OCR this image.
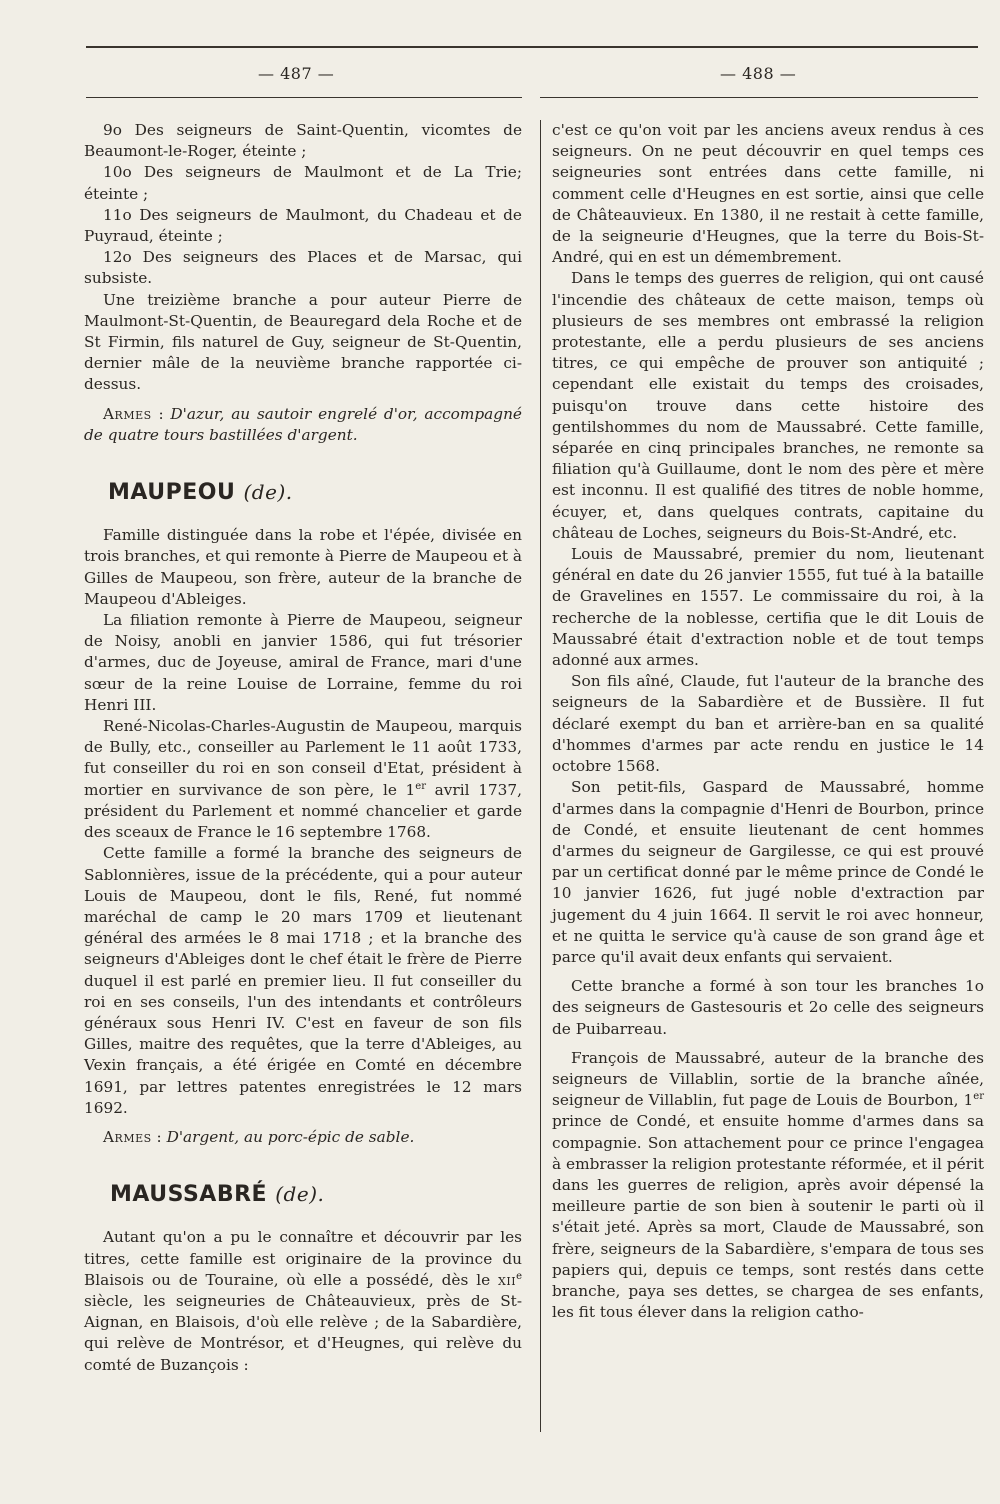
— 487 —	— 488 —

9o Des seigneurs de Saint-Quentin, vicomtes de Beaumont-le-Roger, éteinte ;

10o Des seigneurs de Maulmont et de La Trie; éteinte ;

11o Des seigneurs de Maulmont, du Chadeau et de Puyraud, éteinte ;

12o Des seigneurs des Places et de Marsac, qui subsiste.

Une treizième branche a pour auteur Pierre de Maulmont-St-Quentin, de Beauregard dela Roche et de St Firmin, fils naturel de Guy, seigneur de St-Quentin, dernier mâle de la neuvième branche rapportée ci-dessus.

Armes : D'azur, au sautoir engrelé d'or, accompagné de quatre tours bastillées d'argent.

MAUPEOU (de).

Famille distinguée dans la robe et l'épée, divisée en trois branches, et qui remonte à Pierre de Maupeou et à Gilles de Maupeou, son frère, auteur de la branche de Maupeou d'Ableiges.

La filiation remonte à Pierre de Maupeou, seigneur de Noisy, anobli en janvier 1586, qui fut trésorier d'armes, duc de Joyeuse, amiral de France, mari d'une sœur de la reine Louise de Lorraine, femme du roi Henri III.

René-Nicolas-Charles-Augustin de Maupeou, marquis de Bully, etc., conseiller au Parlement le 11 août 1733, fut conseiller du roi en son conseil d'Etat, président à mortier en survivance de son père, le 1er avril 1737, président du Parlement et nommé chancelier et garde des sceaux de France le 16 septembre 1768.

Cette famille a formé la branche des seigneurs de Sablonnières, issue de la précédente, qui a pour auteur Louis de Maupeou, dont le fils, René, fut nommé maréchal de camp le 20 mars 1709 et lieutenant général des armées le 8 mai 1718 ; et la branche des seigneurs d'Ableiges dont le chef était le frère de Pierre duquel il est parlé en premier lieu. Il fut conseiller du roi en ses conseils, l'un des intendants et contrôleurs généraux sous Henri IV. C'est en faveur de son fils Gilles, maitre des requêtes, que la terre d'Ableiges, au Vexin français, a été érigée en Comté en décembre 1691, par lettres patentes enregistrées le 12 mars 1692.

Armes : D'argent, au porc-épic de sable.

MAUSSABRÉ (de).

Autant qu'on a pu le connaître et découvrir par les titres, cette famille est originaire de la province du Blaisois ou de Touraine, où elle a possédé, dès le xii$^e$ siècle, les seigneuries de Châteauvieux, près de St-Aignan, en Blaisois, d'où elle relève ; de la Sabardière, qui relève de Montrésor, et d'Heugnes, qui relève du comté de Buzançois :

c'est ce qu'on voit par les anciens aveux rendus à ces seigneurs. On ne peut découvrir en quel temps ces seigneuries sont entrées dans cette famille, ni comment celle d'Heugnes en est sortie, ainsi que celle de Châteauvieux. En 1380, il ne restait à cette famille, de la seigneurie d'Heugnes, que la terre du Bois-St-André, qui en est un démembrement.

Dans le temps des guerres de religion, qui ont causé l'incendie des châteaux de cette maison, temps où plusieurs de ses membres ont embrassé la religion protestante, elle a perdu plusieurs de ses anciens titres, ce qui empêche de prouver son antiquité ; cependant elle existait du temps des croisades, puisqu'on trouve dans cette histoire des gentilshommes du nom de Maussabré. Cette famille, séparée en cinq principales branches, ne remonte sa filiation qu'à Guillaume, dont le nom des père et mère est inconnu. Il est qualifié des titres de noble homme, écuyer, et, dans quelques contrats, capitaine du château de Loches, seigneurs du Bois-St-André, etc.

Louis de Maussabré, premier du nom, lieutenant général en date du 26 janvier 1555, fut tué à la bataille de Gravelines en 1557. Le commissaire du roi, à la recherche de la noblesse, certifia que le dit Louis de Maussabré était d'extraction noble et de tout temps adonné aux armes.

Son fils aîné, Claude, fut l'auteur de la branche des seigneurs de la Sabardière et de Bussière. Il fut déclaré exempt du ban et arrière-ban en sa qualité d'hommes d'armes par acte rendu en justice le 14 octobre 1568.

Son petit-fils, Gaspard de Maussabré, homme d'armes dans la compagnie d'Henri de Bourbon, prince de Condé, et ensuite lieutenant de cent hommes d'armes du seigneur de Gargilesse, ce qui est prouvé par un certificat donné par le même prince de Condé le 10 janvier 1626, fut jugé noble d'extraction par jugement du 4 juin 1664. Il servit le roi avec honneur, et ne quitta le service qu'à cause de son grand âge et parce qu'il avait deux enfants qui servaient.

Cette branche a formé à son tour les branches 1o des seigneurs de Gastesouris et 2o celle des seigneurs de Puibarreau.

François de Maussabré, auteur de la branche des seigneurs de Villablin, sortie de la branche aînée, seigneur de Villablin, fut page de Louis de Bourbon, 1er prince de Condé, et ensuite homme d'armes dans sa compagnie. Son attachement pour ce prince l'engagea à embrasser la religion protestante réformée, et il périt dans les guerres de religion, après avoir dépensé la meilleure partie de son bien à soutenir le parti où il s'était jeté. Après sa mort, Claude de Maussabré, son frère, seigneurs de la Sabardière, s'empara de tous ses papiers qui, depuis ce temps, sont restés dans cette branche, paya ses dettes, se chargea de ses enfants, les fit tous élever dans la religion catho-
